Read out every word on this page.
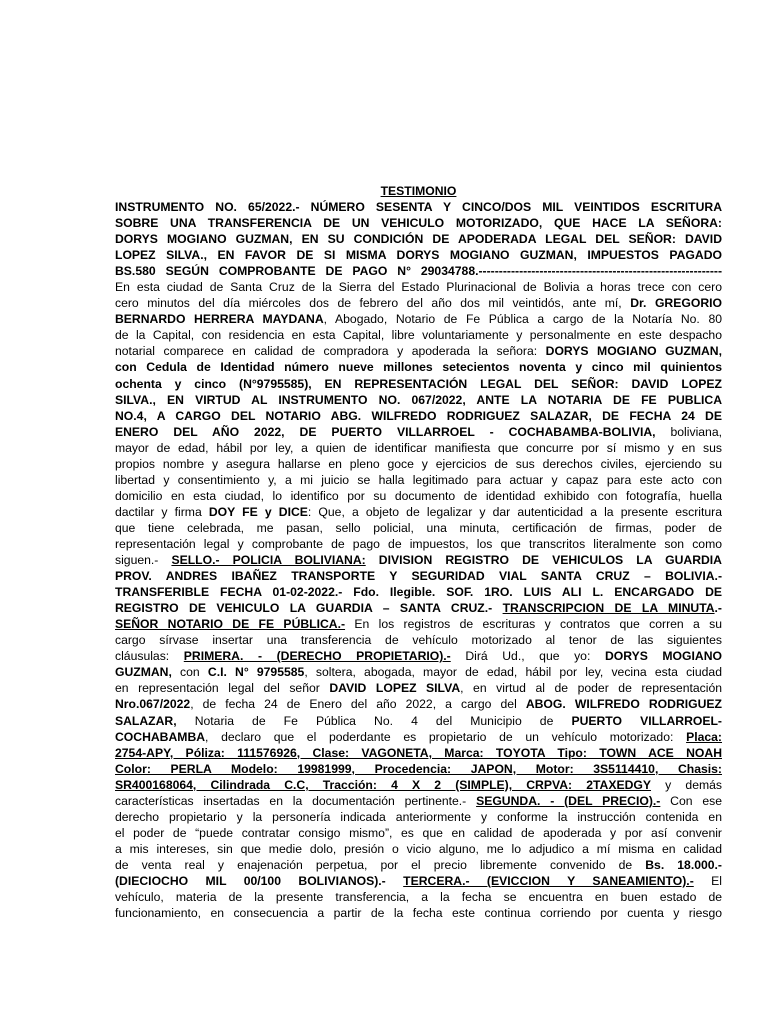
TESTIMONIO

INSTRUMENTO NO. 65/2022.- NÚMERO SESENTA Y CINCO/DOS MIL VEINTIDOS ESCRITURA
SOBRE UNA TRANSFERENCIA DE UN VEHICULO MOTORIZADO, QUE HACE LA SEÑORA:
DORYS MOGIANO GUZMAN, EN SU CONDICIÓN DE APODERADA LEGAL DEL SEÑOR: DAVID
LOPEZ SILVA., EN FAVOR DE SI MISMA DORYS MOGIANO GUZMAN, IMPUESTOS PAGADO
BS.580 SEGÚN COMPROBANTE DE PAGO N° 29034788.------------------------------------------------------------
En esta ciudad de Santa Cruz de la Sierra del Estado Plurinacional de Bolivia a horas trece con cero
cero minutos del día miércoles dos de febrero del año dos mil veintidós, ante mí, Dr. GREGORIO
BERNARDO HERRERA MAYDANA, Abogado, Notario de Fe Pública a cargo de la Notaría No. 80
de la Capital, con residencia en esta Capital, libre voluntariamente y personalmente en este despacho
notarial comparece en calidad de compradora y apoderada la señora: DORYS MOGIANO GUZMAN,
con Cedula de Identidad número nueve millones setecientos noventa y cinco mil quinientos
ochenta y cinco (N°9795585), EN REPRESENTACIÓN LEGAL DEL SEÑOR: DAVID LOPEZ
SILVA., EN VIRTUD AL INSTRUMENTO NO. 067/2022, ANTE LA NOTARIA DE FE PUBLICA
NO.4, A CARGO DEL NOTARIO ABG. WILFREDO RODRIGUEZ SALAZAR, DE FECHA 24 DE
ENERO DEL AÑO 2022, DE PUERTO VILLARROEL - COCHABAMBA-BOLIVIA, boliviana,
mayor de edad, hábil por ley, a quien de identificar manifiesta que concurre por sí mismo y en sus
propios nombre y asegura hallarse en pleno goce y ejercicios de sus derechos civiles, ejerciendo su
libertad y consentimiento y, a mi juicio se halla legitimado para actuar y capaz para este acto con
domicilio en esta ciudad, lo identifico por su documento de identidad exhibido con fotografía, huella
dactilar y firma DOY FE y DICE: Que, a objeto de legalizar y dar autenticidad a la presente escritura
que tiene celebrada, me pasan, sello policial, una minuta, certificación de firmas, poder de
representación legal y comprobante de pago de impuestos, los que transcritos literalmente son como
siguen.- SELLO.- POLICIA BOLIVIANA: DIVISION REGISTRO DE VEHICULOS LA GUARDIA
PROV. ANDRES IBAÑEZ TRANSPORTE Y SEGURIDAD VIAL SANTA CRUZ – BOLIVIA.-
TRANSFERIBLE FECHA 01-02-2022.- Fdo. Ilegible. SOF. 1RO. LUIS ALI L. ENCARGADO DE
REGISTRO DE VEHICULO LA GUARDIA – SANTA CRUZ.- TRANSCRIPCION DE LA MINUTA.-
SEÑOR NOTARIO DE FE PÚBLICA.- En los registros de escrituras y contratos que corren a su
cargo sírvase insertar una transferencia de vehículo motorizado al tenor de las siguientes
cláusulas: PRIMERA. - (DERECHO PROPIETARIO).- Dirá Ud., que yo: DORYS MOGIANO
GUZMAN, con C.I. N° 9795585, soltera, abogada, mayor de edad, hábil por ley, vecina esta ciudad
en representación legal del señor DAVID LOPEZ SILVA, en virtud al de poder de representación
Nro.067/2022, de fecha 24 de Enero del año 2022, a cargo del ABOG. WILFREDO RODRIGUEZ
SALAZAR, Notaria de Fe Pública No. 4 del Municipio de PUERTO VILLARROEL-
COCHABAMBA, declaro que el poderdante es propietario de un vehículo motorizado: Placa:
2754-APY, Póliza: 111576926, Clase: VAGONETA, Marca: TOYOTA Tipo: TOWN ACE NOAH
Color: PERLA Modelo: 19981999, Procedencia: JAPON, Motor: 3S5114410, Chasis:
SR400168064, Cilindrada C.C, Tracción: 4 X 2 (SIMPLE), CRPVA: 2TAXEDGY y demás
características insertadas en la documentación pertinente.- SEGUNDA. - (DEL PRECIO).- Con ese
derecho propietario y la personería indicada anteriormente y conforme la instrucción contenida en
el poder de “puede contratar consigo mismo”, es que en calidad de apoderada y por así convenir
a mis intereses, sin que medie dolo, presión o vicio alguno, me lo adjudico a mí misma en calidad
de venta real y enajenación perpetua, por el precio libremente convenido de Bs. 18.000.-
(DIECIOCHO MIL 00/100 BOLIVIANOS).- TERCERA.- (EVICCION Y SANEAMIENTO).- El
vehículo, materia de la presente transferencia, a la fecha se encuentra en buen estado de
funcionamiento, en consecuencia a partir de la fecha este continua corriendo por cuenta y riesgo
